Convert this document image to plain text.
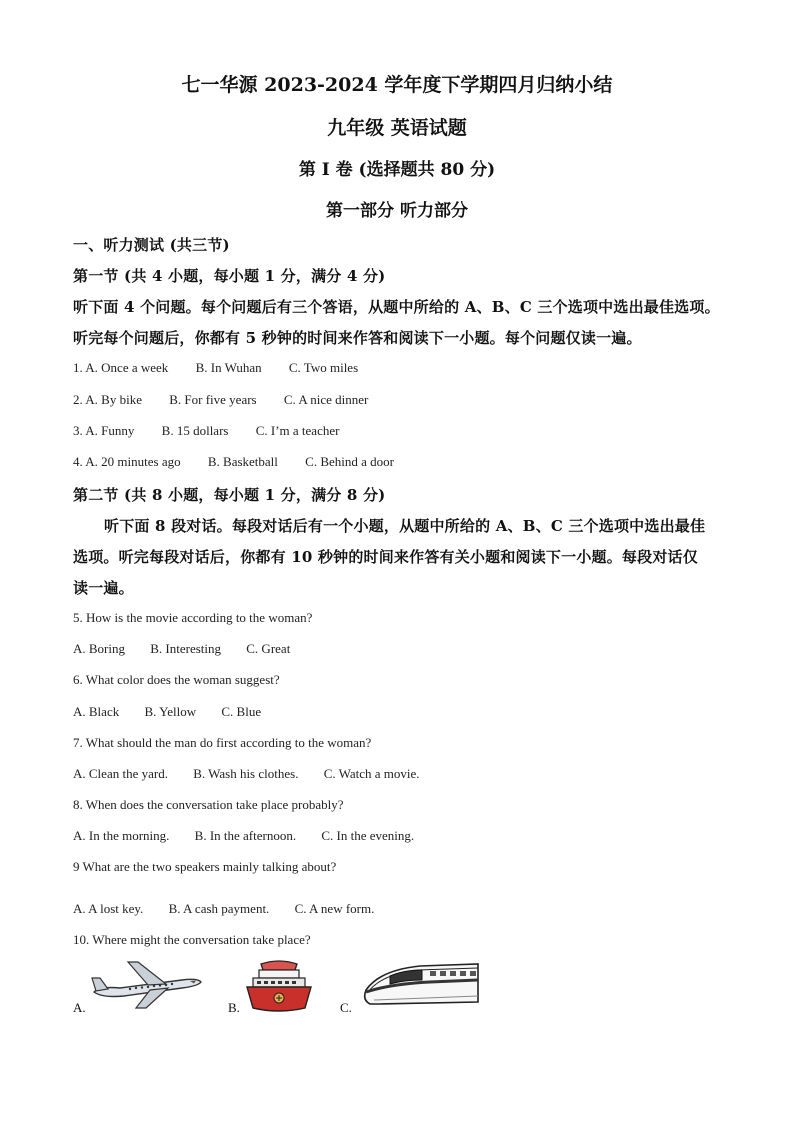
七一华源 2023-2024 学年度下学期四月归纳小结
九年级 英语试题
第 I 卷 (选择题共 80 分)
第一部分 听力部分
一、听力测试 (共三节)
第一节 (共 4 小题，每小题 1 分，满分 4 分)
听下面 4 个问题。每个问题后有三个答语，从题中所给的 A、B、C 三个选项中选出最佳选项。
听完每个问题后，你都有 5 秒钟的时间来作答和阅读下一小题。每个问题仅读一遍。
1. A. Once a week B. In Wuhan C. Two miles
2. A. By bike B. For five years C. A nice dinner
3. A. Funny B. 15 dollars C. I’m a teacher
4. A. 20 minutes ago B. Basketball C. Behind a door
第二节 (共 8 小题，每小题 1 分，满分 8 分)
听下面 8 段对话。每段对话后有一个小题，从题中所给的 A、B、C 三个选项中选出最佳
选项。听完每段对话后，你都有 10 秒钟的时间来作答有关小题和阅读下一小题。每段对话仅
读一遍。
5. How is the movie according to the woman?
A. Boring B. Interesting C. Great
6. What color does the woman suggest?
A. Black B. Yellow C. Blue
7. What should the man do first according to the woman?
A. Clean the yard. B. Wash his clothes. C. Watch a movie.
8. When does the conversation take place probably?
A. In the morning. B. In the afternoon. C. In the evening.
9 What are the two speakers mainly talking about?
A. A lost key. B. A cash payment. C. A new form.
10. Where might the conversation take place?
A.	B.	C.
